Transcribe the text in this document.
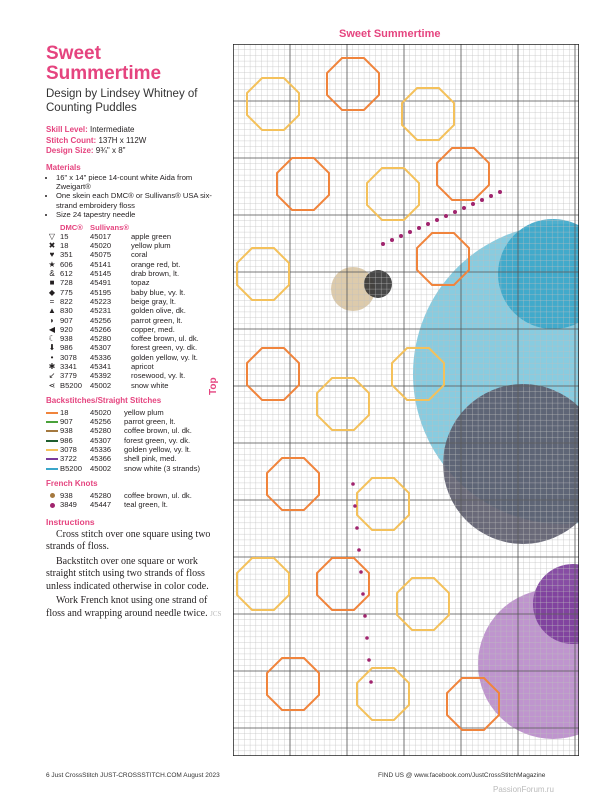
Sweet
Summertime
Design by Lindsey Whitney of Counting Puddles
Skill Level: Intermediate
Stitch Count: 137H x 112W
Design Size: 9¾" x 8"
Materials
• 16" x 14" piece 14-count white Aida from Zweigart®
• One skein each DMC® or Sullivans® USA six-strand embroidery floss
• Size 24 tapestry needle
	DMC®	Sullivans®	
▽	15	45017	apple green
✖	18	45020	yellow plum
♥	351	45075	coral
★	606	45141	orange red, bt.
&	612	45145	drab brown, lt.
■	728	45491	topaz
◆	775	45195	baby blue, vy. lt.
=	822	45223	beige gray, lt.
▲	830	45231	golden olive, dk.
◗	907	45256	parrot green, lt.
◀	920	45266	copper, med.
☾	938	45280	coffee brown, ul. dk.
⬇	986	45307	forest green, vy. dk.
•	3078	45336	golden yellow, vy. lt.
✱	3341	45341	apricot
↙	3779	45392	rosewood, vy. lt.
⋖	B5200	45002	snow white
Backstitches/Straight Stitches
	18	45020	yellow plum
	907	45256	parrot green, lt.
	938	45280	coffee brown, ul. dk.
	986	45307	forest green, vy. dk.
	3078	45336	golden yellow, vy. lt.
	3722	45366	shell pink, med.
	B5200	45002	snow white (3 strands)
French Knots
	938	45280	coffee brown, ul. dk.
	3849	45447	teal green, lt.
Instructions

Cross stitch over one square using two strands of floss.

Backstitch over one square or work straight stitch using two strands of floss unless indicated otherwise in color code.

Work French knot using one strand of floss and wrapping around needle twice. JCS

Sweet Summertime
Top
6 Just CrossStitch JUST-CROSSSTITCH.COM August 2023	FIND US @ www.facebook.com/JustCrossStitchMagazine
PassionForum.ru
